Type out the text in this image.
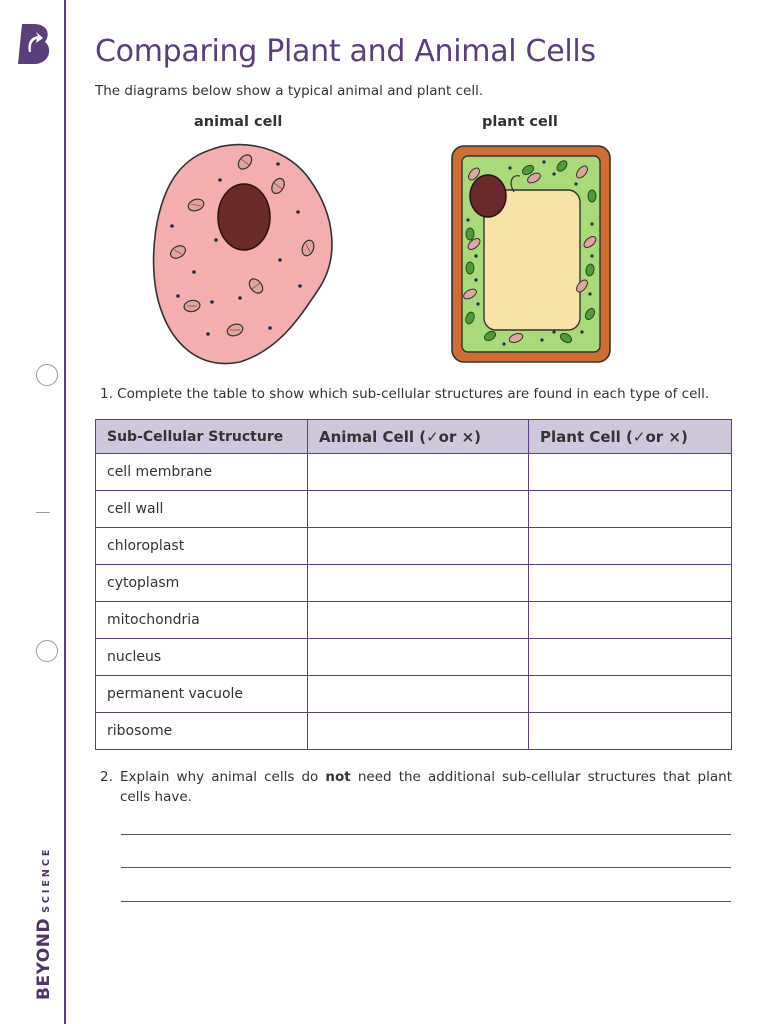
BEYONDSCIENCE
Comparing Plant and Animal Cells
The diagrams below show a typical animal and plant cell.
animal cell	plant cell
1. Complete the table to show which sub-cellular structures are found in each type of cell.
Sub-Cellular Structure	Animal Cell (✓or ×)	Plant Cell (✓or ×)
cell membrane		
cell wall		
chloroplast		
cytoplasm		
mitochondria		
nucleus		
permanent vacuole		
ribosome		
2. Explain why animal cells do not need the additional sub-cellular structures that plant cells have.
